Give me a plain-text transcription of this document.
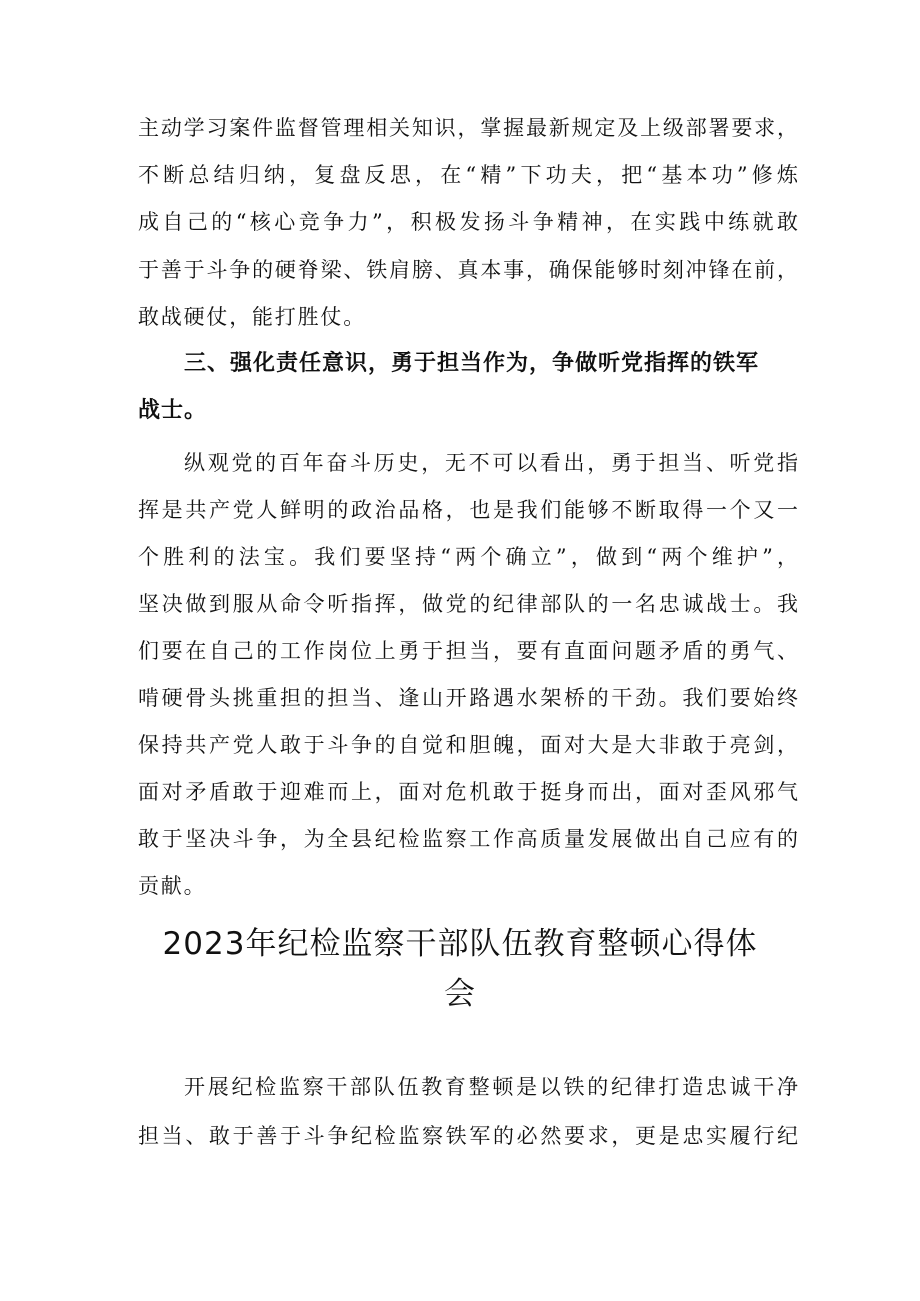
主动学习案件监督管理相关知识，掌握最新规定及上级部署要求，
不断总结归纳，复盘反思，在“精”下功夫，把“基本功”修炼
成自己的“核心竞争力”，积极发扬斗争精神，在实践中练就敢
于善于斗争的硬脊梁、铁肩膀、真本事，确保能够时刻冲锋在前，
敢战硬仗，能打胜仗。
三、强化责任意识，勇于担当作为，争做听党指挥的铁军
战士。
纵观党的百年奋斗历史，无不可以看出，勇于担当、听党指
挥是共产党人鲜明的政治品格，也是我们能够不断取得一个又一
个胜利的法宝。我们要坚持“两个确立”，做到“两个维护”，
坚决做到服从命令听指挥，做党的纪律部队的一名忠诚战士。我
们要在自己的工作岗位上勇于担当，要有直面问题矛盾的勇气、
啃硬骨头挑重担的担当、逢山开路遇水架桥的干劲。我们要始终
保持共产党人敢于斗争的自觉和胆魄，面对大是大非敢于亮剑，
面对矛盾敢于迎难而上，面对危机敢于挺身而出，面对歪风邪气
敢于坚决斗争，为全县纪检监察工作高质量发展做出自己应有的
贡献。
2023年纪检监察干部队伍教育整顿心得体
会
开展纪检监察干部队伍教育整顿是以铁的纪律打造忠诚干净
担当、敢于善于斗争纪检监察铁军的必然要求，更是忠实履行纪
